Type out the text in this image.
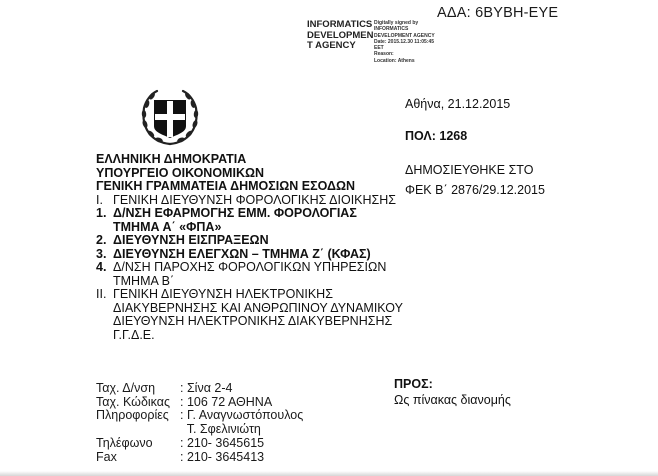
ΑΔΑ: 6ΒΥΒΗ-ΕΥΕ
INFORMATICS
DEVELOPMEN
T AGENCY
Digitally signed by
INFORMATICS
DEVELOPMENT AGENCY
Date: 2015.12.30 11:05:45
EET
Reason:
Location: Athens
ΕΛΛΗΝΙΚΗ ΔΗΜΟΚΡΑΤΙΑ
ΥΠΟΥΡΓΕΙΟ ΟΙΚΟΝΟΜΙΚΩΝ
ΓΕΝΙΚΗ ΓΡΑΜΜΑΤΕΙΑ ΔΗΜΟΣΙΩΝ ΕΣΟΔΩΝ
I. ΓΕΝΙΚΗ ΔΙΕΥΘΥΝΣΗ ΦΟΡΟΛΟΓΙΚΗΣ ΔΙΟΙΚΗΣΗΣ
1. Δ/ΝΣΗ ΕΦΑΡΜΟΓΗΣ ΕΜΜ. ΦΟΡΟΛΟΓΙΑΣ
ΤΜΗΜΑ Α΄ «ΦΠΑ»
2. ΔΙΕΥΘΥΝΣΗ ΕΙΣΠΡΑΞΕΩΝ
3. ΔΙΕΥΘΥΝΣΗ ΕΛΕΓΧΩΝ – ΤΜΗΜΑ Ζ΄ (ΚΦΑΣ)
4. Δ/ΝΣΗ ΠΑΡΟΧΗΣ ΦΟΡΟΛΟΓΙΚΩΝ ΥΠΗΡΕΣΙΩΝ
ΤΜΗΜΑ Β΄
II. ΓΕΝΙΚΗ ΔΙΕΥΘΥΝΣΗ ΗΛΕΚΤΡΟΝΙΚΗΣ
ΔΙΑΚΥΒΕΡΝΗΣΗΣ ΚΑΙ ΑΝΘΡΩΠΙΝΟΥ ΔΥΝΑΜΙΚΟΥ
ΔΙΕΥΘΥΝΣΗ ΗΛΕΚΤΡΟΝΙΚΗΣ ΔΙΑΚΥΒΕΡΝΗΣΗΣ
Γ.Γ.Δ.Ε.
Ταχ. Δ/νση	: Σίνα 2-4
Ταχ. Κώδικας : 106 72 ΑΘΗΝΑ
Πληροφορίες : Γ. Αναγνωστόπουλος
Τ. Σφελινιώτη
Τηλέφωνο	: 210- 3645615
Fax	: 210- 3645413
Αθήνα, 21.12.2015
ΠΟΛ: 1268
ΔΗΜΟΣΙΕΥΘΗΚΕ ΣΤΟ
ΦΕΚ Β΄ 2876/29.12.2015
ΠΡΟΣ:
Ως πίνακας διανομής
